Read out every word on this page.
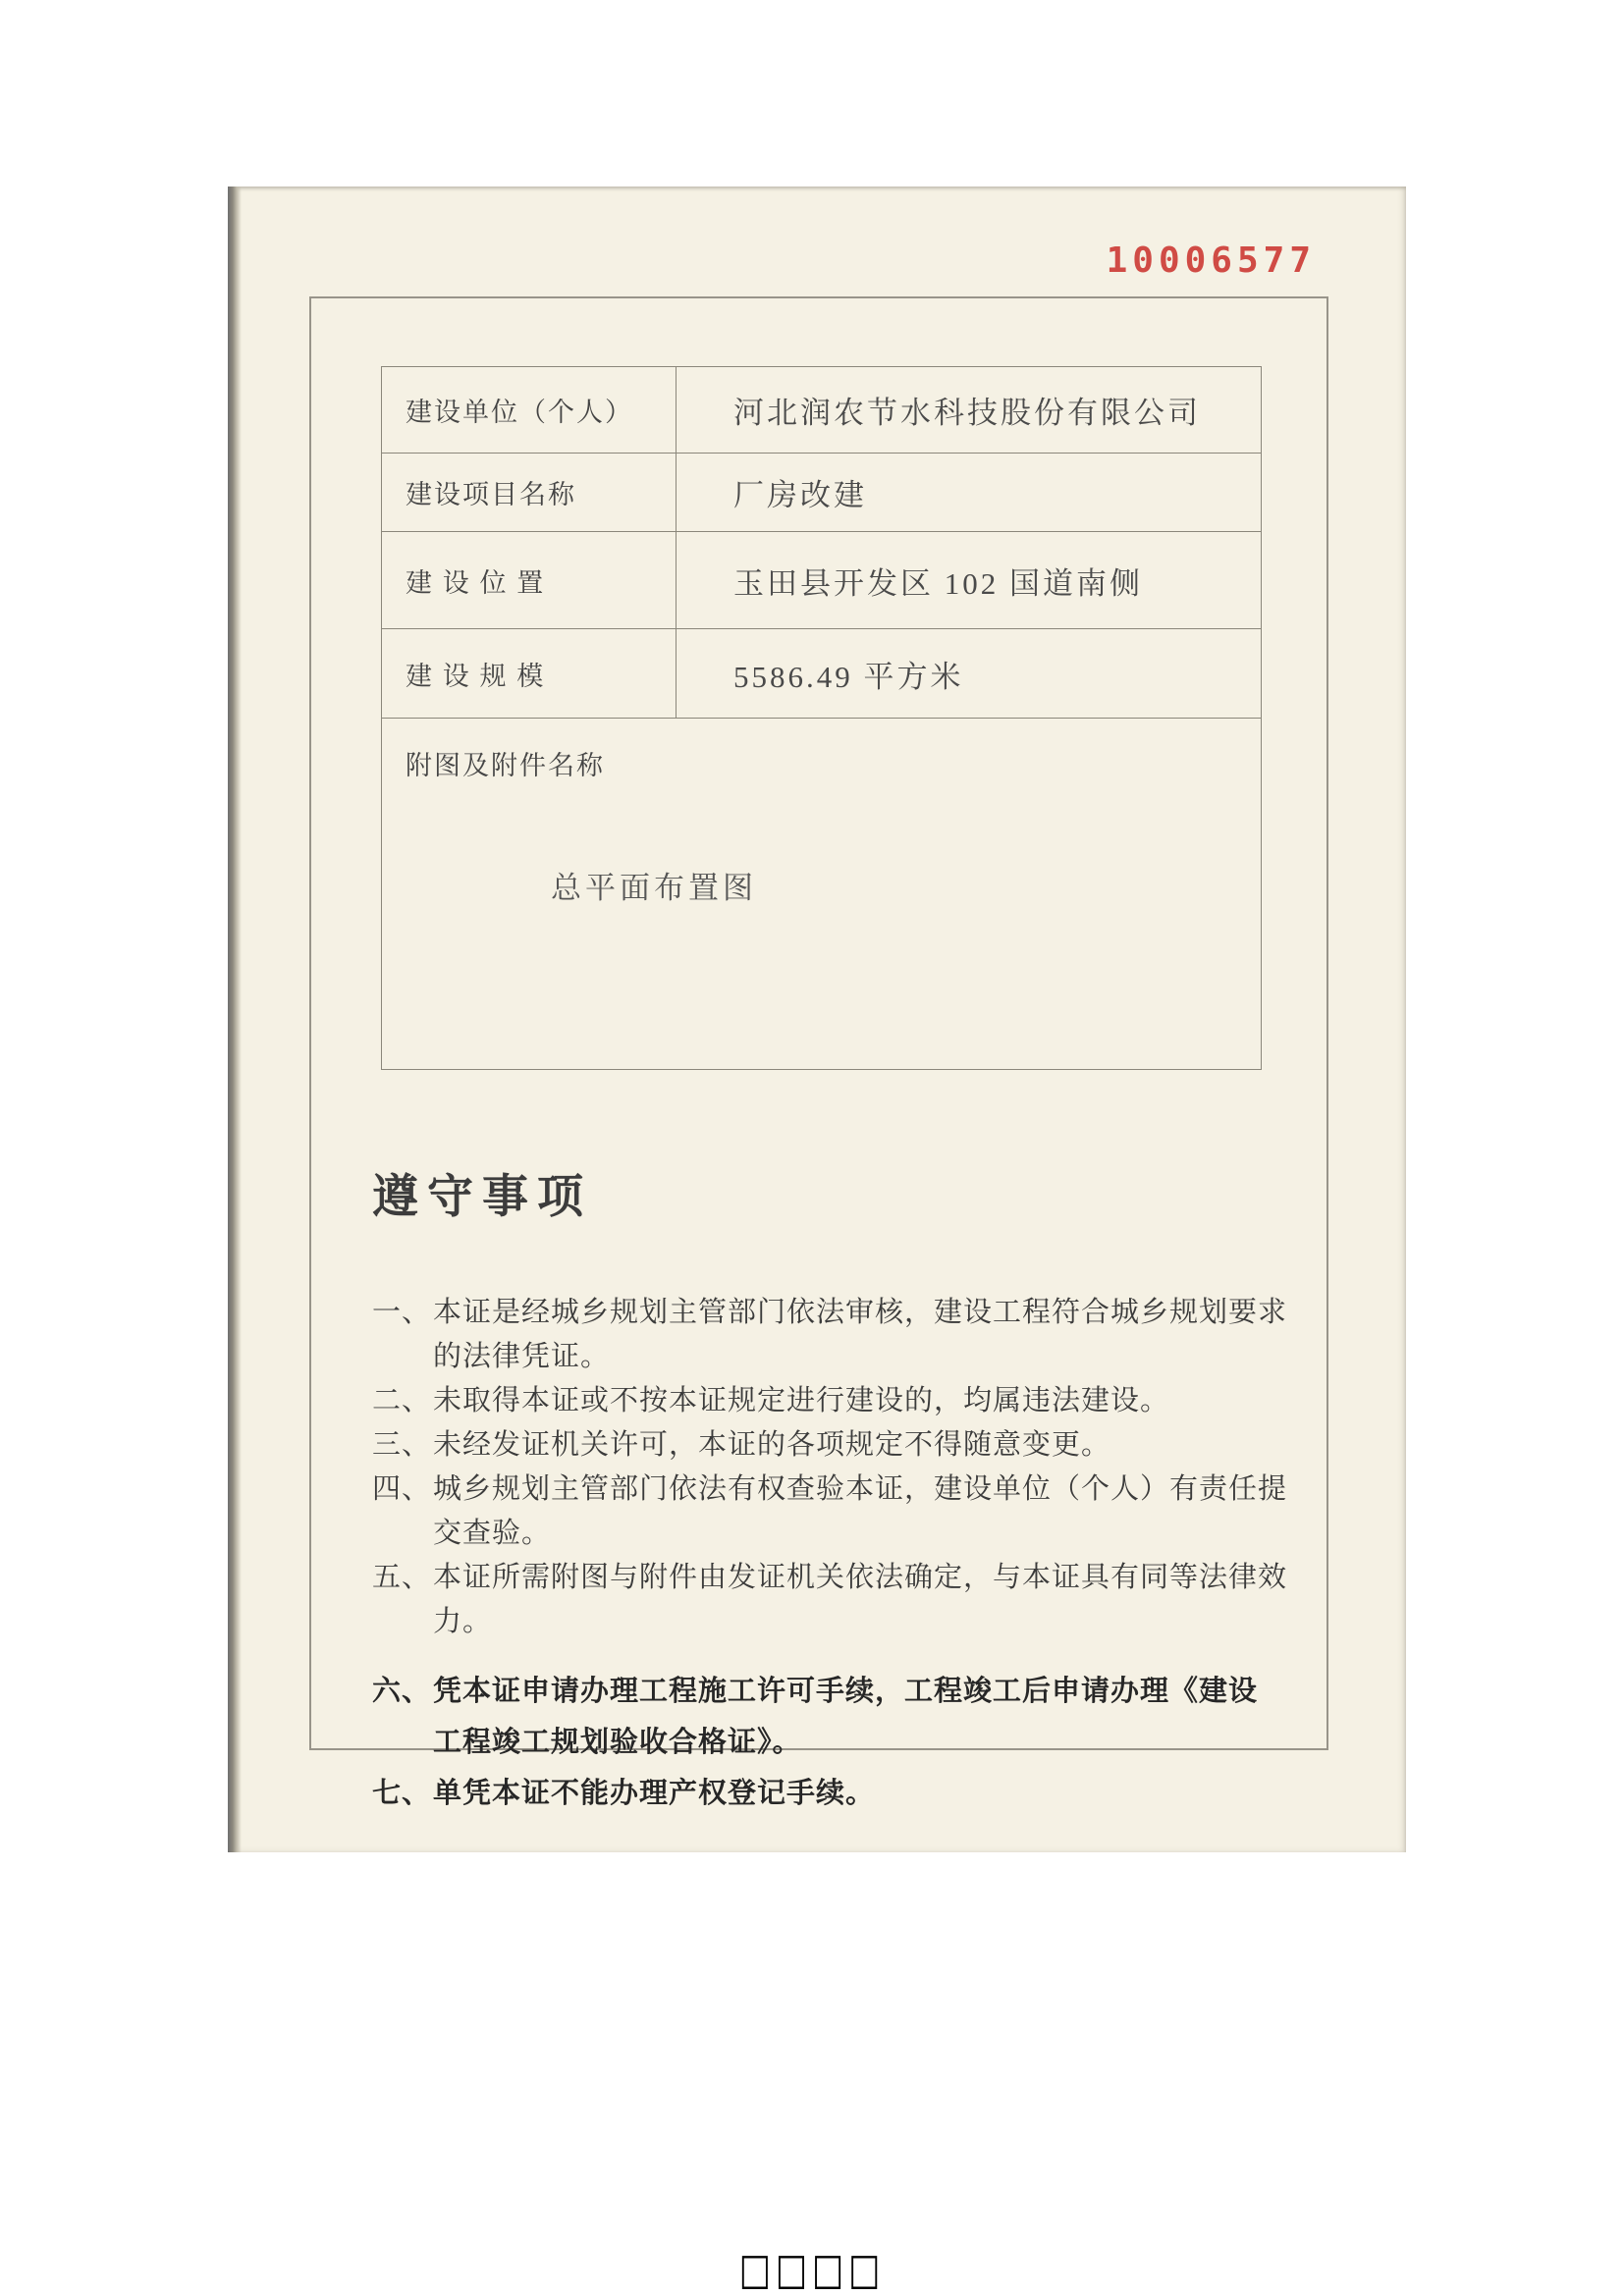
10006577
建设单位（个人）	河北润农节水科技股份有限公司
建设项目名称	厂房改建
建 设 位 置	玉田县开发区 102 国道南侧
建 设 规 模	5586.49 平方米
附图及附件名称
总平面布置图
遵守事项
一、 本证是经城乡规划主管部门依法审核，建设工程符合城乡规划要求
的法律凭证。
二、 未取得本证或不按本证规定进行建设的，均属违法建设。
三、 未经发证机关许可，本证的各项规定不得随意变更。
四、 城乡规划主管部门依法有权查验本证，建设单位（个人）有责任提
交查验。
五、 本证所需附图与附件由发证机关依法确定，与本证具有同等法律效
力。
六、 凭本证申请办理工程施工许可手续，工程竣工后申请办理《建设
工程竣工规划验收合格证》。
七、 单凭本证不能办理产权登记手续。
□□□□
